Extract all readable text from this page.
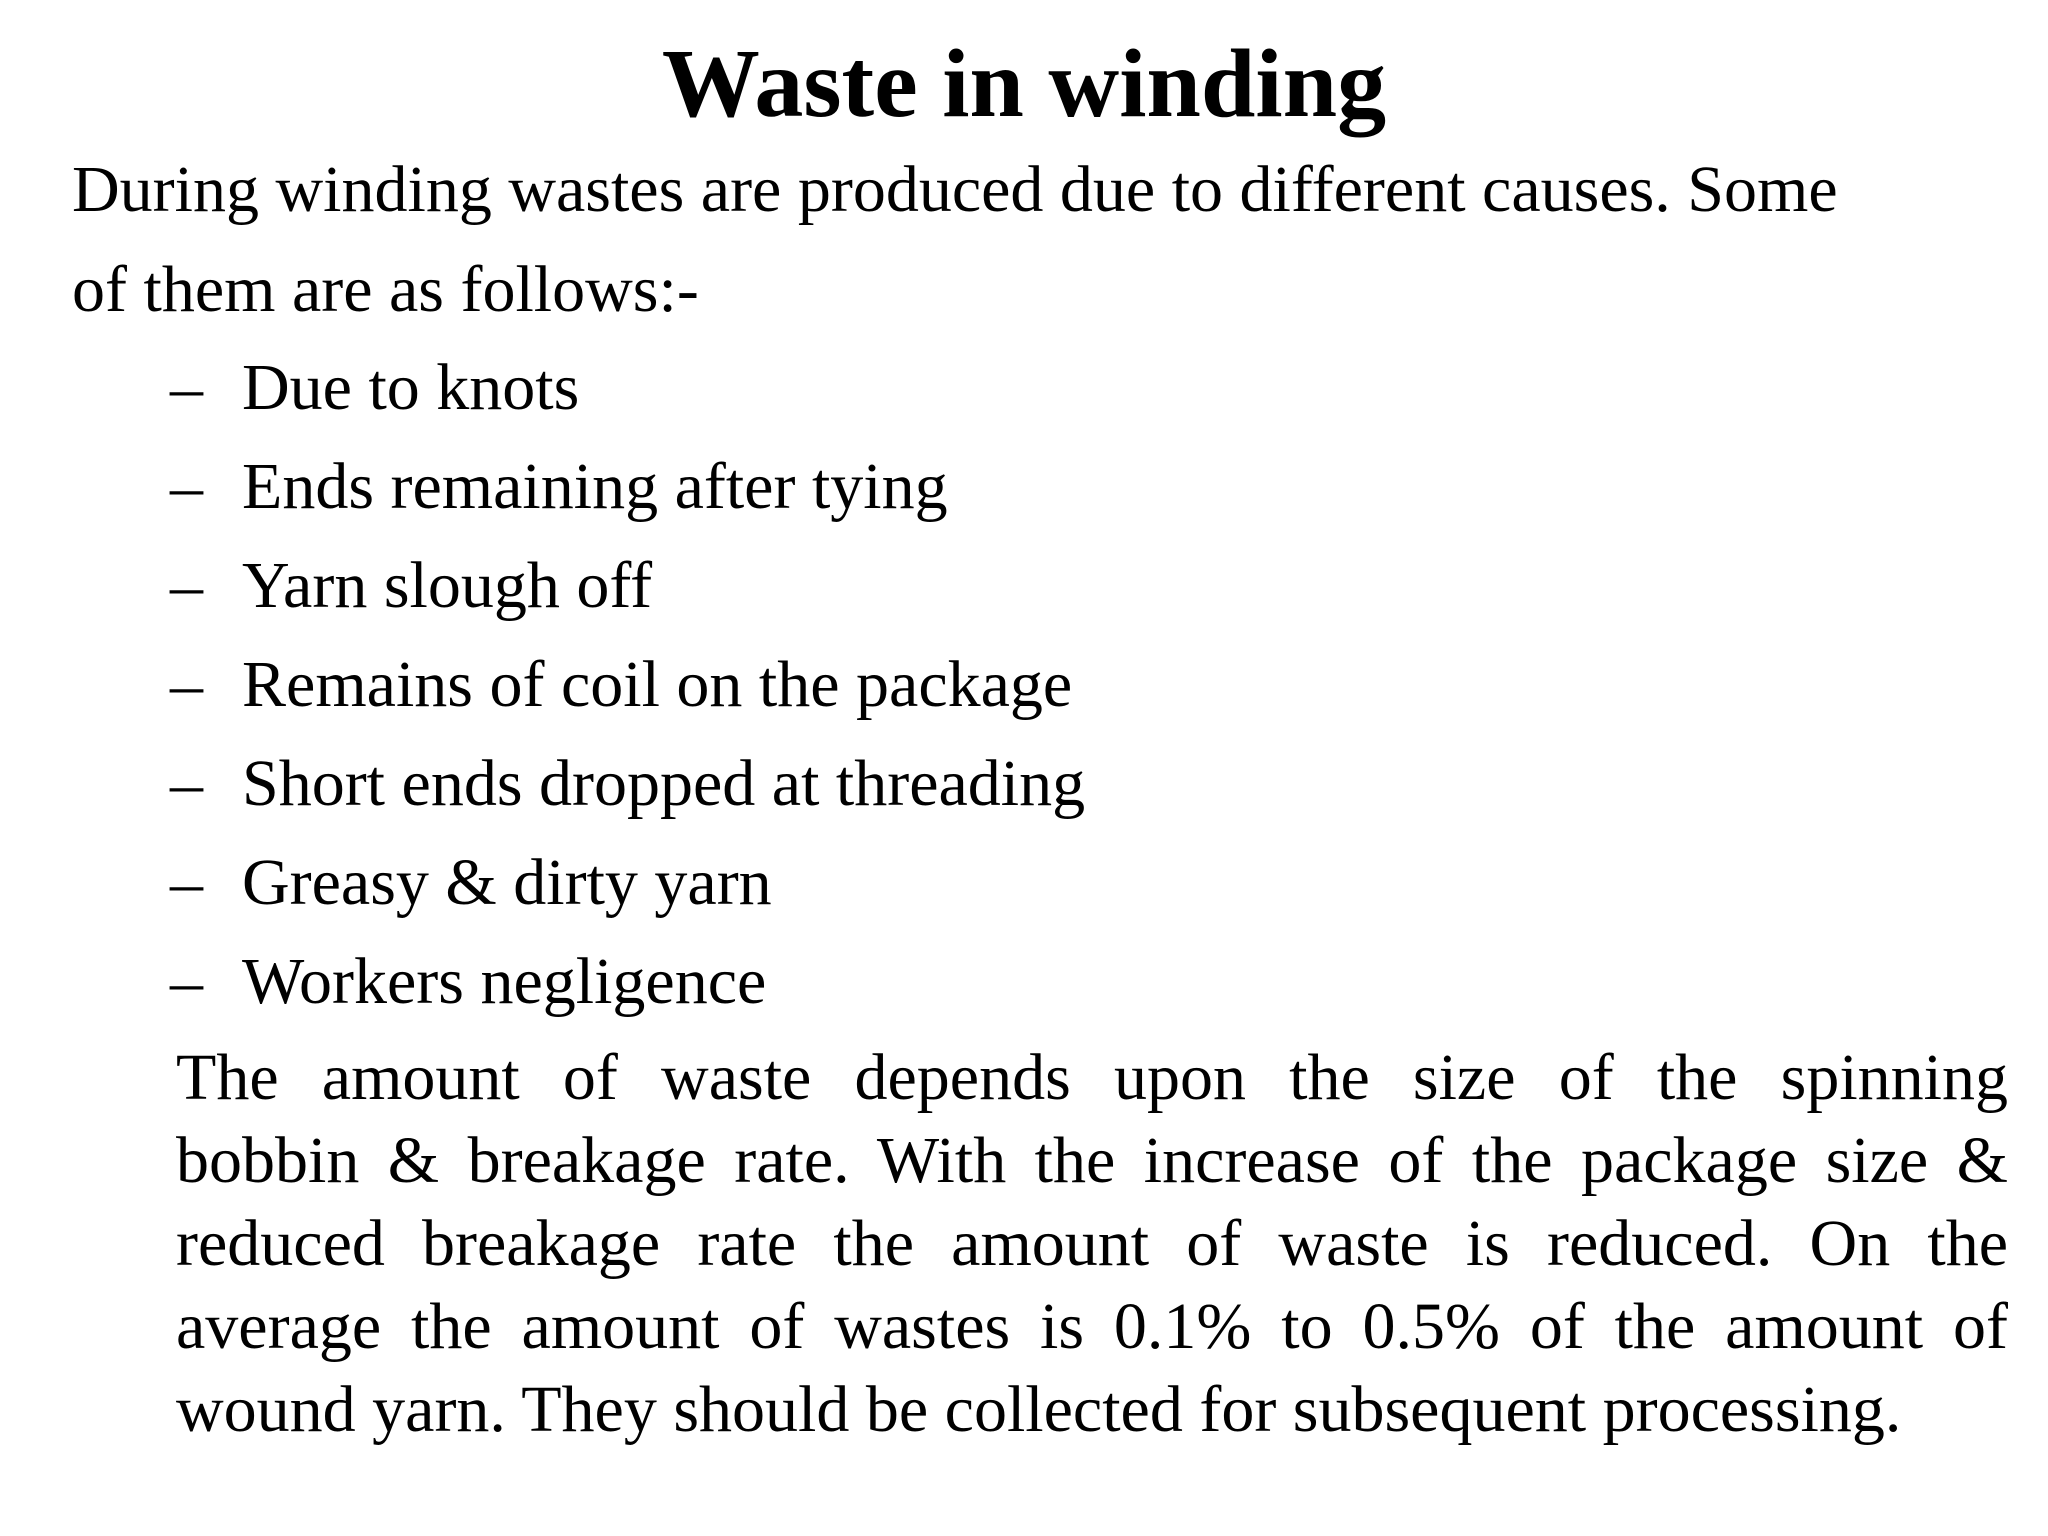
Waste in winding

During winding wastes are produced due to different causes. Some
of them are as follows:-

– Due to knots
– Ends remaining after tying
– Yarn slough off
– Remains of coil on the package
– Short ends dropped at threading
– Greasy & dirty yarn
– Workers negligence

The amount of waste depends upon the size of the spinning
bobbin & breakage rate. With the increase of the package size &
reduced breakage rate the amount of waste is reduced. On the
average the amount of wastes is 0.1% to 0.5% of the amount of
wound yarn. They should be collected for subsequent processing.
